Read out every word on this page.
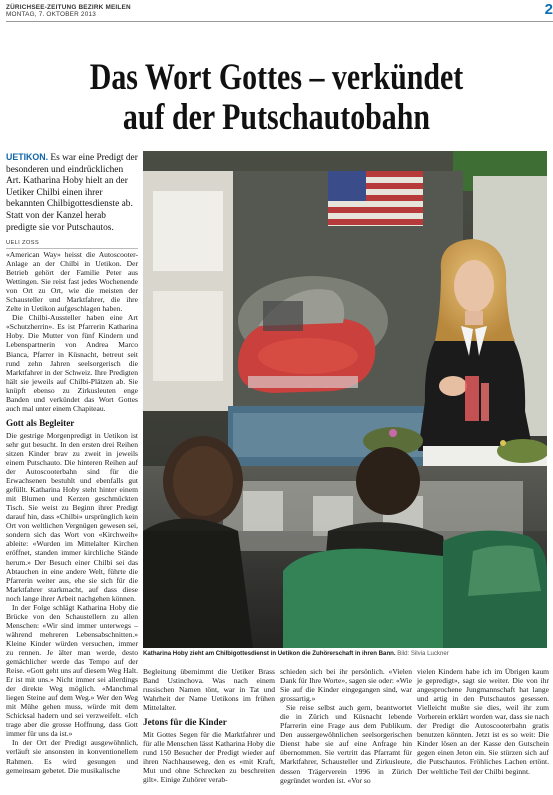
ZÜRICHSEE-ZEITUNG BEZIRK MEILEN
MONTAG, 7. OKTOBER 2013	2
Das Wort Gottes – verkündet
auf der Putschautobahn
UETIKON. Es war eine Predigt der besonderen und eindrücklichen Art. Katharina Hoby hielt an der Uetiker Chilbi einen ihrer bekannten Chilbigottesdienste ab. Statt von der Kanzel herab predigte sie vor Putschautos.
UELI ZOSS

«American Way» heisst die Autoscooter-Anlage an der Chilbi in Uetikon. Der Betrieb gehört der Familie Peter aus Wettingen. Sie reist fast jedes Wochenende von Ort zu Ort, wie die meisten der Schausteller und Marktfahrer, die ihre Zelte in Uetikon aufgeschlagen haben.

Die Chilbi-Aussteller haben eine Art «Schutzherrin». Es ist Pfarrerin Katharina Hoby. Die Mutter von fünf Kindern und Lebenspartnerin von Andrea Marco Bianca, Pfarrer in Küsnacht, betreut seit rund zehn Jahren seelsorgerisch die Marktfahrer in der Schweiz. Ihre Predigten hält sie jeweils auf Chilbi-Plätzen ab. Sie knüpft ebenso zu Zirkusleuten enge Banden und verkündet das Wort Gottes auch mal unter einem Chapiteau.

Gott als Begleiter

Die gestrige Morgenpredigt in Uetikon ist sehr gut besucht. In den ersten drei Reihen sitzen Kinder brav zu zweit in jeweils einem Putschauto. Die hinteren Reihen auf der Autoscooterbahn sind für die Erwachsenen bestuhlt und ebenfalls gut gefüllt. Katharina Hoby steht hinter einem mit Blumen und Kerzen geschmückten Tisch. Sie weist zu Beginn ihrer Predigt darauf hin, dass «Chilbi» ursprünglich kein Ort von weltlichen Vergnügen gewesen sei, sondern sich das Wort von «Kirchweih» ableite: «Wurden im Mittelalter Kirchen eröffnet, standen immer kirchliche Stände herum.» Der Besuch einer Chilbi sei das Abtauchen in eine andere Welt, führte die Pfarrerin weiter aus, ehe sie sich für die Marktfahrer starkmacht, auf dass diese noch lange ihrer Arbeit nachgehen können.

In der Folge schlägt Katharina Hoby die Brücke von den Schaustellern zu allen Menschen: «Wir sind immer unterwegs – während mehreren Lebensabschnitten.» Kleine Kinder würden versuchen, immer zu rennen. Je älter man werde, desto gemächlicher werde das Tempo auf der Reise. «Gott geht uns auf diesem Weg Halt. Er ist mit uns.» Nicht immer sei allerdings der direkte Weg möglich. «Manchmal liegen Steine auf dem Weg.» Wer den Weg mit Mühe gehen muss, würde mit dem Schicksal hadern und sei verzweifelt. «Ich trage aber die grosse Hoffnung, dass Gott immer für uns da ist.»

In der Ort der Predigt ausgewöhnlich, verläuft sie ansonsten in konventionellem Rahmen. Es wird gesungen und gemeinsam gebetet. Die musikalische

Katharina Hoby zieht am Chilbigottesdienst in Uetikon die Zuhörerschaft in ihren Bann. Bild: Silvia Luckner

Begleitung übernimmt die Uetiker Brass Band Ustinchova. Was nach einem russischen Namen tönt, war in Tat und Wahrheit der Name Uetikons im frühen Mittelalter.

Jetons für die Kinder

Mit Gottes Segen für die Marktfahrer und für alle Menschen lässt Katharina Hoby die rund 150 Besucher der Predigt wieder auf ihren Nachhauseweg, den es «mit Kraft, Mut und ohne Schrecken zu beschreiten gilt». Einige Zuhörer verab-

schieden sich bei ihr persönlich. «Vielen Dank für Ihre Worte», sagen sie oder: «Wie Sie auf die Kinder eingegangen sind, war grossartig.»

Sie reise selbst auch gern, beantwortet die in Zürich und Küsnacht lebende Pfarrerin eine Frage aus dem Publikum. Den aussergewöhnlichen seelsorgerischen Dienst habe sie auf eine Anfrage hin übernommen. Sie vertritt das Pfarramt für Marktfahrer, Schausteller und Zirkusleute, dessen Trägerverein 1996 in Zürich gegründet worden ist. «Vor so

vielen Kindern habe ich im Übrigen kaum je gepredigt», sagt sie weiter. Die von ihr angesprochene Jungmannschaft hat lange und artig in den Putschautos gesessen. Vielleicht mußte sie dies, weil ihr zum Vorherein erklärt worden war, dass sie nach der Predigt die Autoscooterbahn gratis benutzen könnten. Jetzt ist es so weit: Die Kinder lösen an der Kasse den Gutschein gegen einen Jeton ein. Sie stürzen sich auf die Putschautos. Fröhliches Lachen ertönt. Der weltliche Teil der Chilbi beginnt.
